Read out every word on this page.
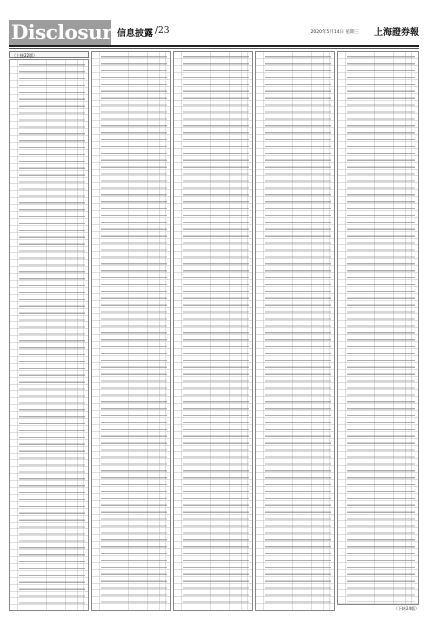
Disclosure
信息披露 /23	2020年5月14日 星期三 上海證券報
（上接22版）
（下转24版）
